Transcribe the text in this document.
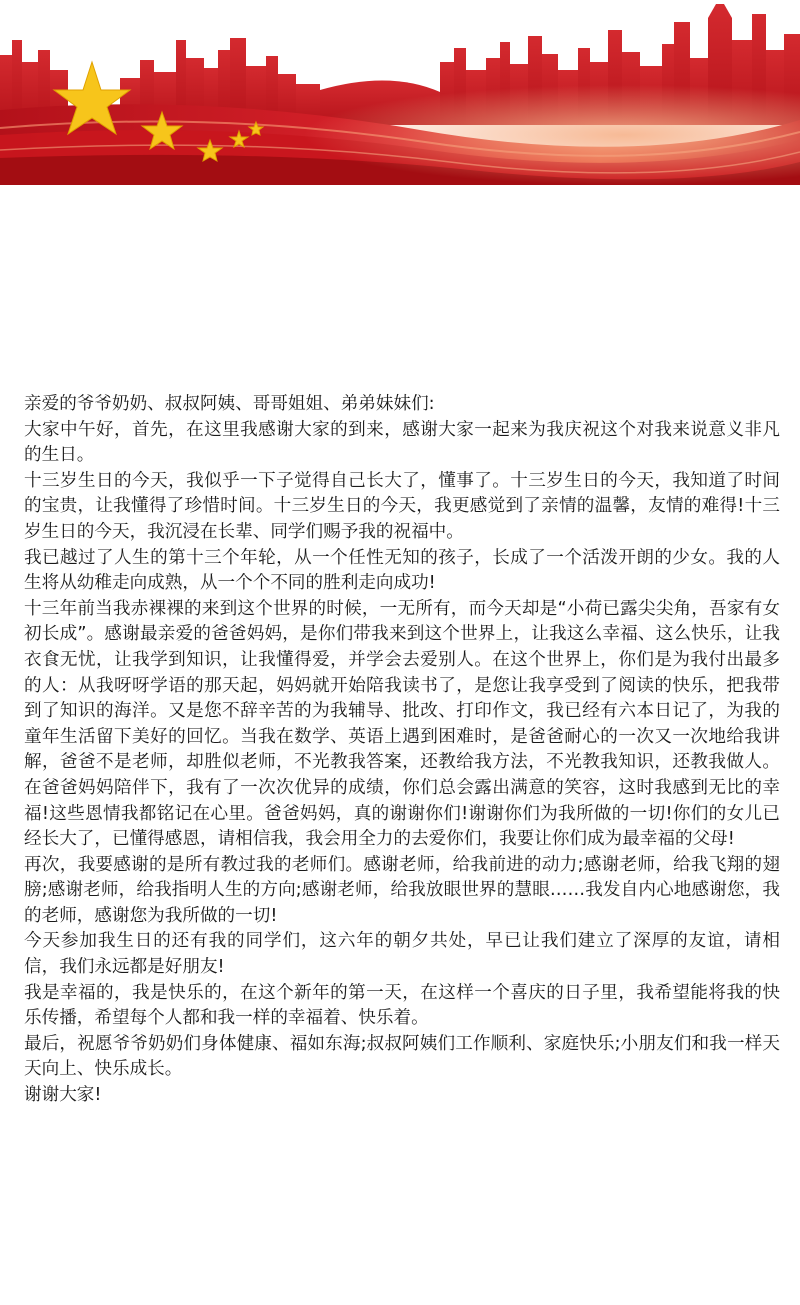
亲爱的爷爷奶奶、叔叔阿姨、哥哥姐姐、弟弟妹妹们:

大家中午好，首先，在这里我感谢大家的到来，感谢大家一起来为我庆祝这个对我来说意义非凡的生日。

十三岁生日的今天，我似乎一下子觉得自己长大了，懂事了。十三岁生日的今天，我知道了时间的宝贵，让我懂得了珍惜时间。十三岁生日的今天，我更感觉到了亲情的温馨，友情的难得!十三岁生日的今天，我沉浸在长辈、同学们赐予我的祝福中。

我已越过了人生的第十三个年轮，从一个任性无知的孩子，长成了一个活泼开朗的少女。我的人生将从幼稚走向成熟，从一个个不同的胜利走向成功!

十三年前当我赤裸裸的来到这个世界的时候，一无所有，而今天却是“小荷已露尖尖角，吾家有女初长成”。感谢最亲爱的爸爸妈妈，是你们带我来到这个世界上，让我这么幸福、这么快乐，让我衣食无忧，让我学到知识，让我懂得爱，并学会去爱别人。在这个世界上，你们是为我付出最多的人：从我呀呀学语的那天起，妈妈就开始陪我读书了，是您让我享受到了阅读的快乐，把我带到了知识的海洋。又是您不辞辛苦的为我辅导、批改、打印作文，我已经有六本日记了，为我的童年生活留下美好的回忆。当我在数学、英语上遇到困难时，是爸爸耐心的一次又一次地给我讲解，爸爸不是老师，却胜似老师，不光教我答案，还教给我方法，不光教我知识，还教我做人。在爸爸妈妈陪伴下，我有了一次次优异的成绩，你们总会露出满意的笑容，这时我感到无比的幸福!这些恩情我都铭记在心里。爸爸妈妈，真的谢谢你们!谢谢你们为我所做的一切!你们的女儿已经长大了，已懂得感恩，请相信我，我会用全力的去爱你们，我要让你们成为最幸福的父母!

再次，我要感谢的是所有教过我的老师们。感谢老师，给我前进的动力;感谢老师，给我飞翔的翅膀;感谢老师，给我指明人生的方向;感谢老师，给我放眼世界的慧眼……我发自内心地感谢您，我的老师，感谢您为我所做的一切!

今天参加我生日的还有我的同学们，这六年的朝夕共处，早已让我们建立了深厚的友谊，请相信，我们永远都是好朋友!

我是幸福的，我是快乐的，在这个新年的第一天，在这样一个喜庆的日子里，我希望能将我的快乐传播，希望每个人都和我一样的幸福着、快乐着。

最后，祝愿爷爷奶奶们身体健康、福如东海;叔叔阿姨们工作顺利、家庭快乐;小朋友们和我一样天天向上、快乐成长。

谢谢大家!
